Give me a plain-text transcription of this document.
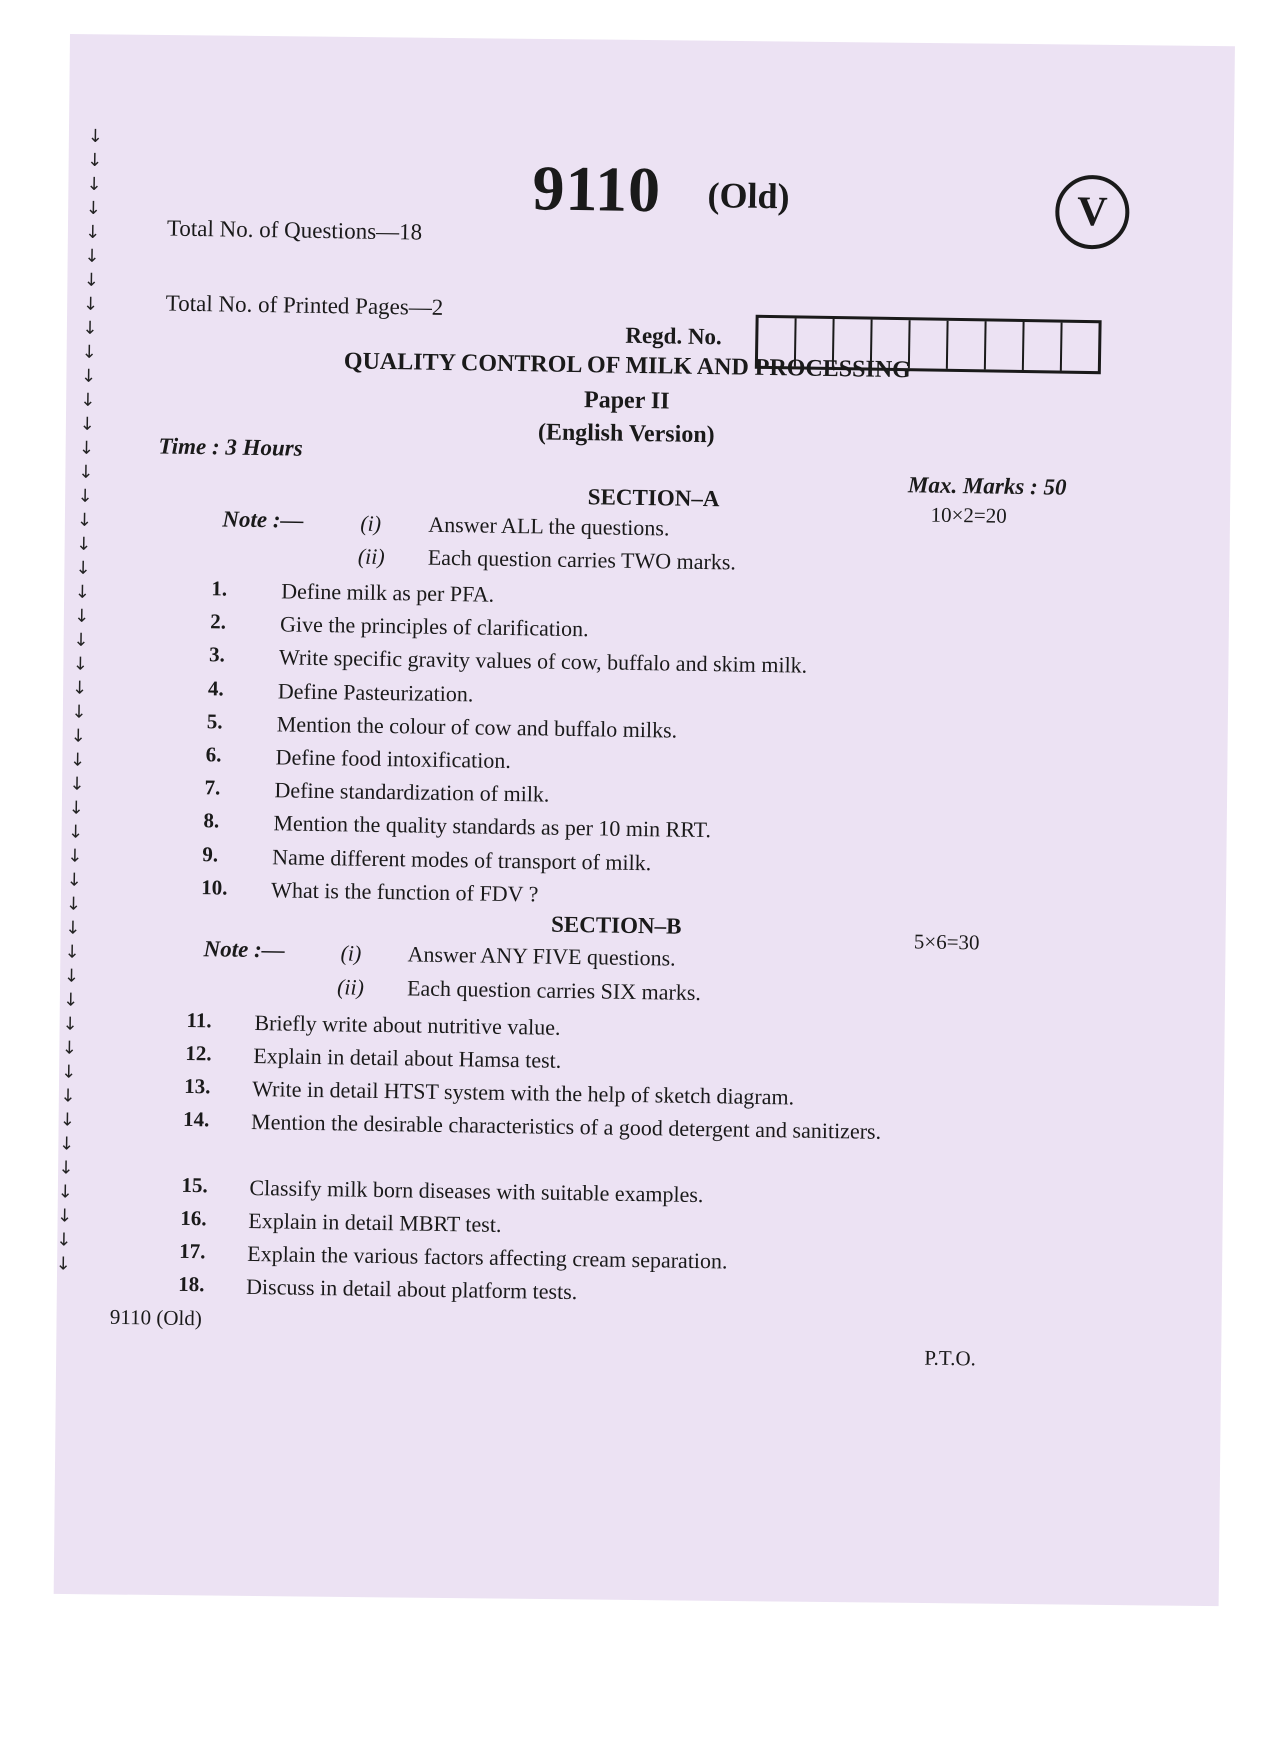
↓
↓
↓
↓
↓
↓
↓
↓
↓
↓
↓
↓
↓
↓
↓
↓
↓
↓
↓
↓
↓
↓
↓
↓
↓
↓
↓
↓
↓
↓
↓
↓
↓
↓
↓
↓
↓
↓
↓
↓
↓
↓
↓
↓
↓
↓
↓
↓
9110 (Old)	V
Total No. of Questions—18
Total No. of Printed Pages—2
Regd. No.
QUALITY CONTROL OF MILK AND PROCESSING
Paper II
(English Version)
Time : 3 Hours
Max. Marks : 50
SECTION–A
10×2=20
Note :—	(i) Answer ALL the questions.
(ii) Each question carries TWO marks.
1.	Define milk as per PFA.
2.	Give the principles of clarification.
3.	Write specific gravity values of cow, buffalo and skim milk.
4.	Define Pasteurization.
5.	Mention the colour of cow and buffalo milks.
6.	Define food intoxification.
7.	Define standardization of milk.
8.	Mention the quality standards as per 10 min RRT.
9.	Name different modes of transport of milk.
10.	What is the function of FDV ?
SECTION–B
5×6=30
Note :—	(i) Answer ANY FIVE questions.
(ii) Each question carries SIX marks.
11.	Briefly write about nutritive value.
12.	Explain in detail about Hamsa test.
13.	Write in detail HTST system with the help of sketch diagram.
14.	Mention the desirable characteristics of a good detergent and sanitizers.
15.	Classify milk born diseases with suitable examples.
16.	Explain in detail MBRT test.
17.	Explain the various factors affecting cream separation.
18.	Discuss in detail about platform tests.
9110 (Old)
P.T.O.
